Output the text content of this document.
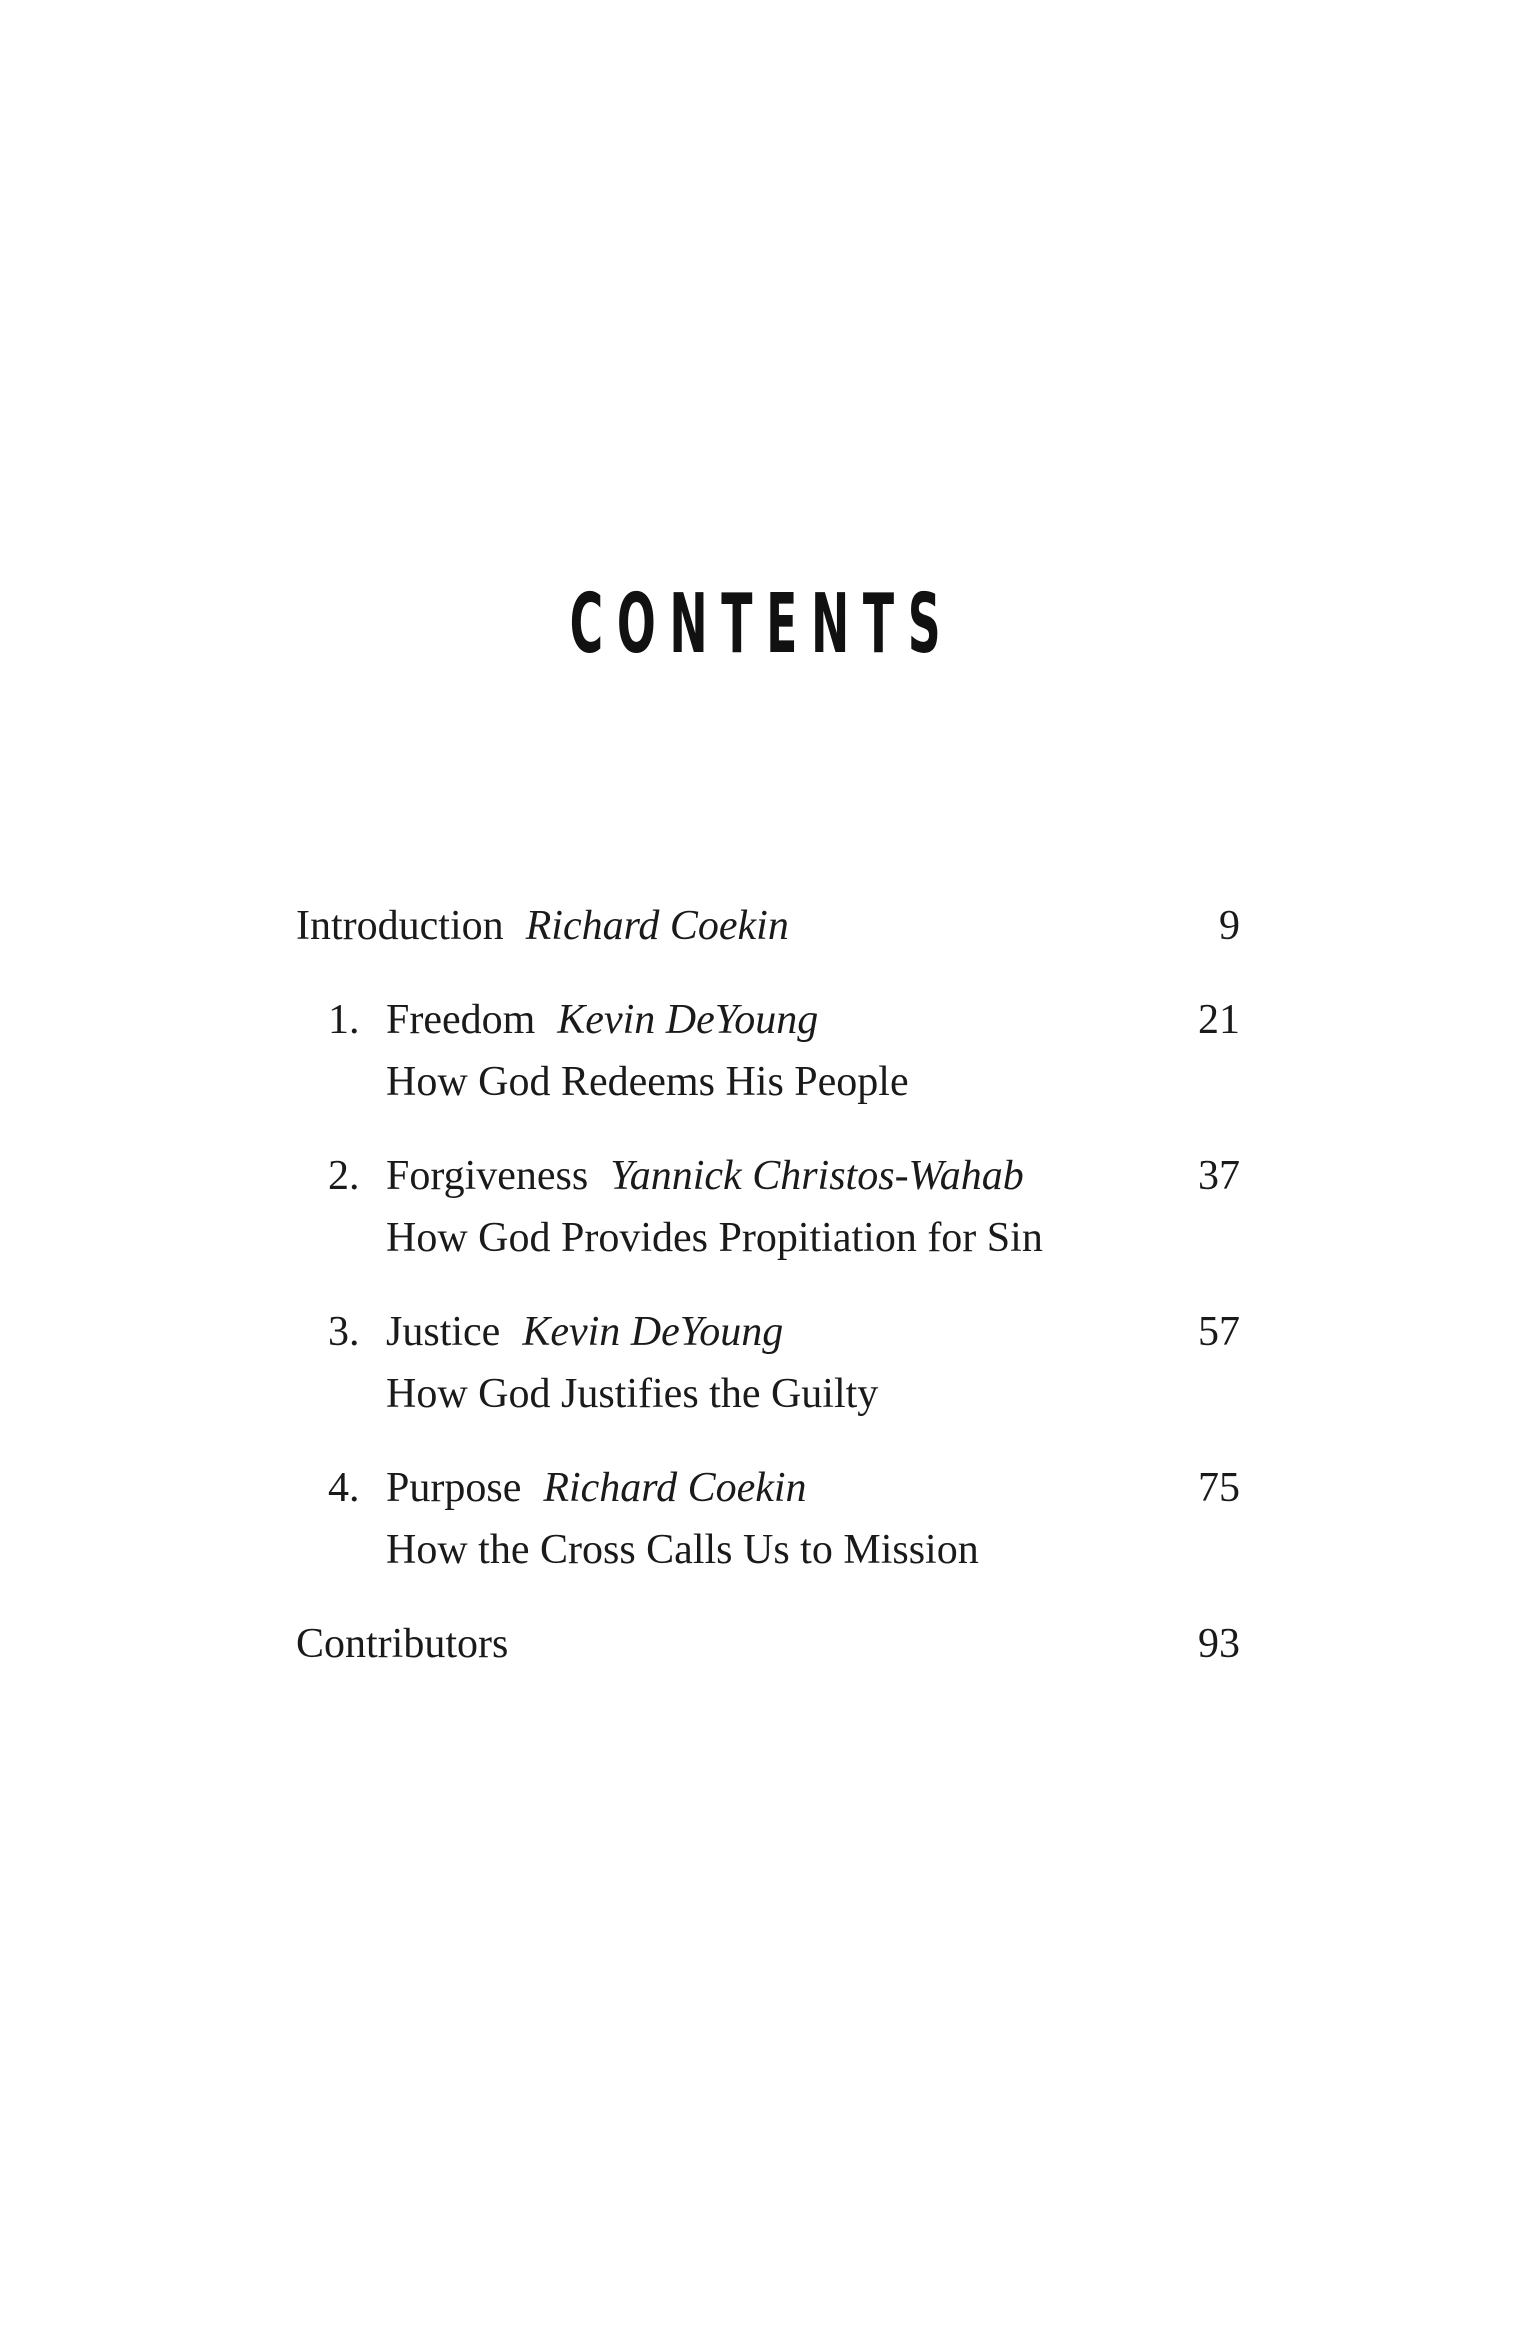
CONTENTS
Introduction Richard Coekin	9
1. Freedom Kevin DeYoung	21
How God Redeems His People
2. Forgiveness Yannick Christos-Wahab	37
How God Provides Propitiation for Sin
3. Justice Kevin DeYoung	57
How God Justifies the Guilty
4. Purpose Richard Coekin	75
How the Cross Calls Us to Mission
Contributors	93
